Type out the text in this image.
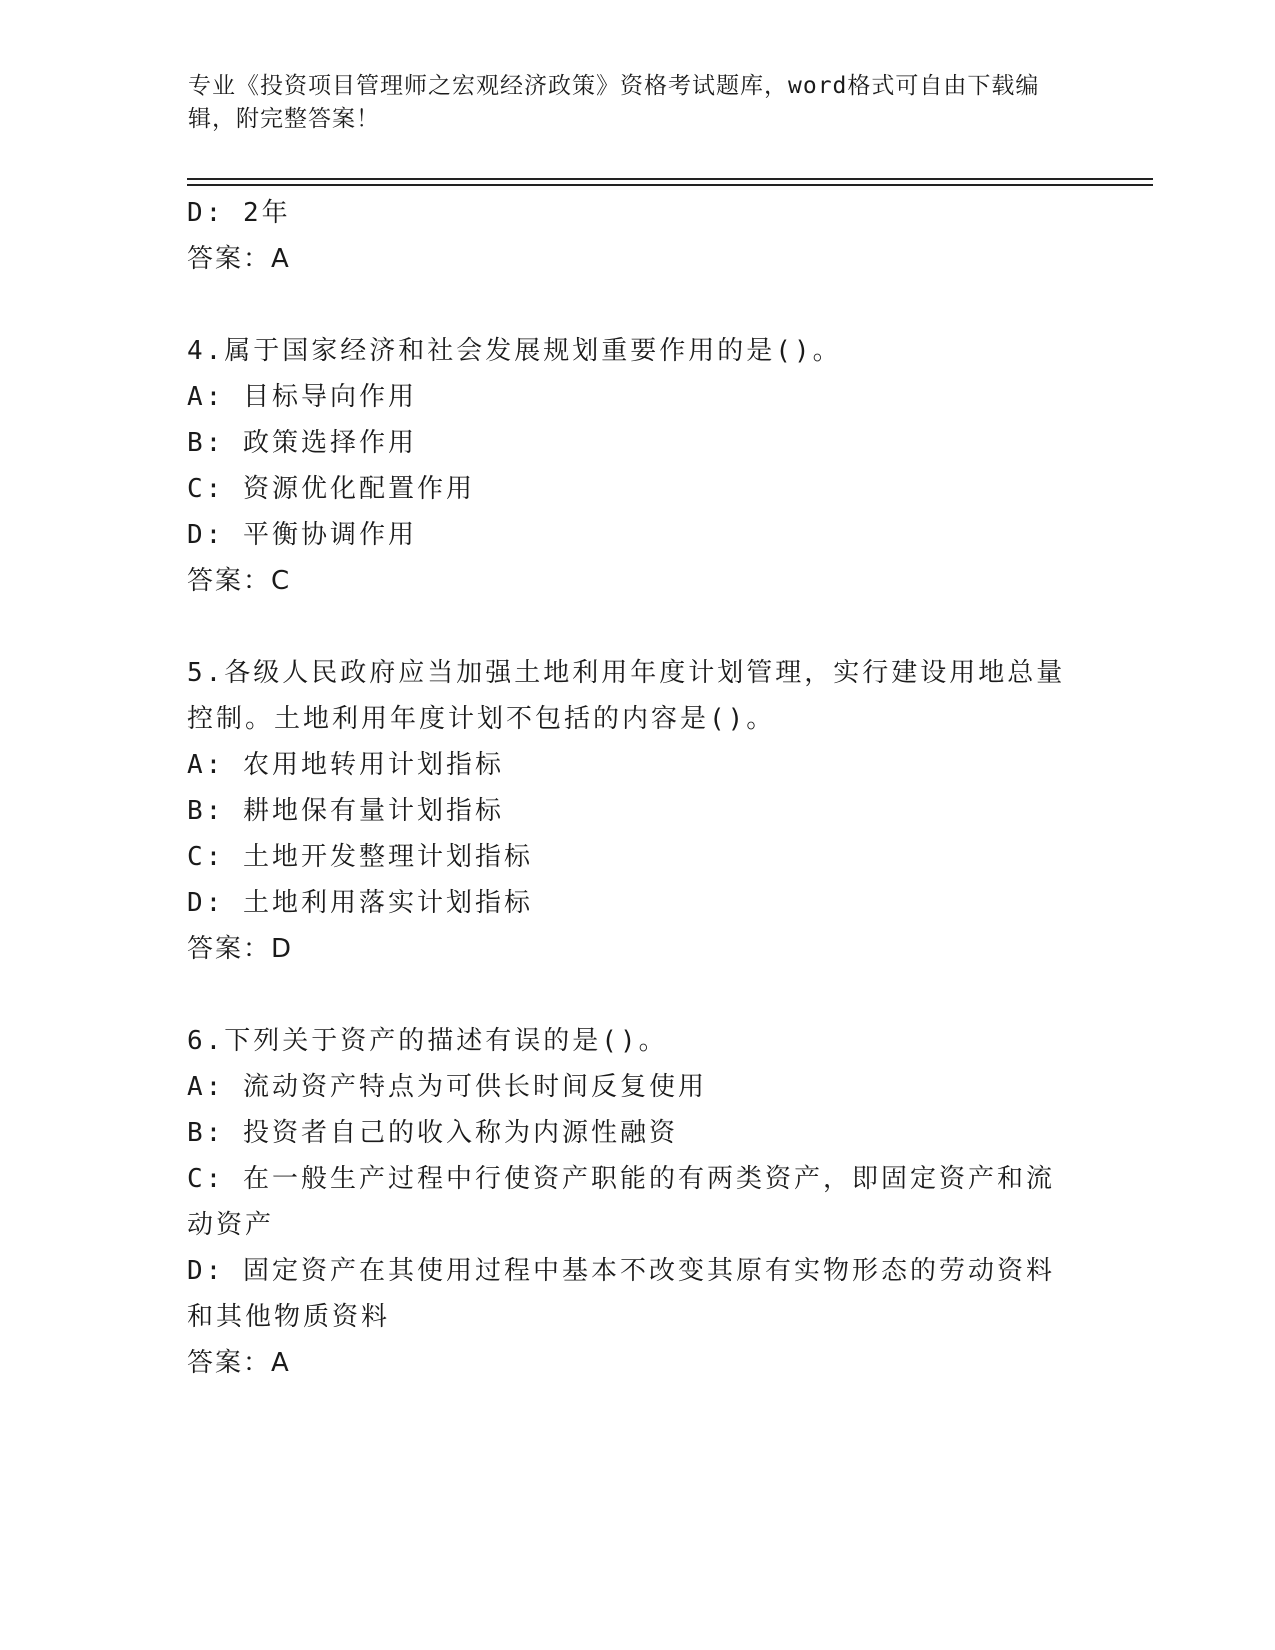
专业《投资项目管理师之宏观经济政策》资格考试题库，word格式可自由下载编辑，附完整答案！
D: 2年
答案：A
4.属于国家经济和社会发展规划重要作用的是()。
A: 目标导向作用
B: 政策选择作用
C: 资源优化配置作用
D: 平衡协调作用
答案：C
5.各级人民政府应当加强土地利用年度计划管理，实行建设用地总量控制。土地利用年度计划不包括的内容是()。
A: 农用地转用计划指标
B: 耕地保有量计划指标
C: 土地开发整理计划指标
D: 土地利用落实计划指标
答案：D
6.下列关于资产的描述有误的是()。
A: 流动资产特点为可供长时间反复使用
B: 投资者自己的收入称为内源性融资
C: 在一般生产过程中行使资产职能的有两类资产，即固定资产和流动资产
D: 固定资产在其使用过程中基本不改变其原有实物形态的劳动资料和其他物质资料
答案：A
